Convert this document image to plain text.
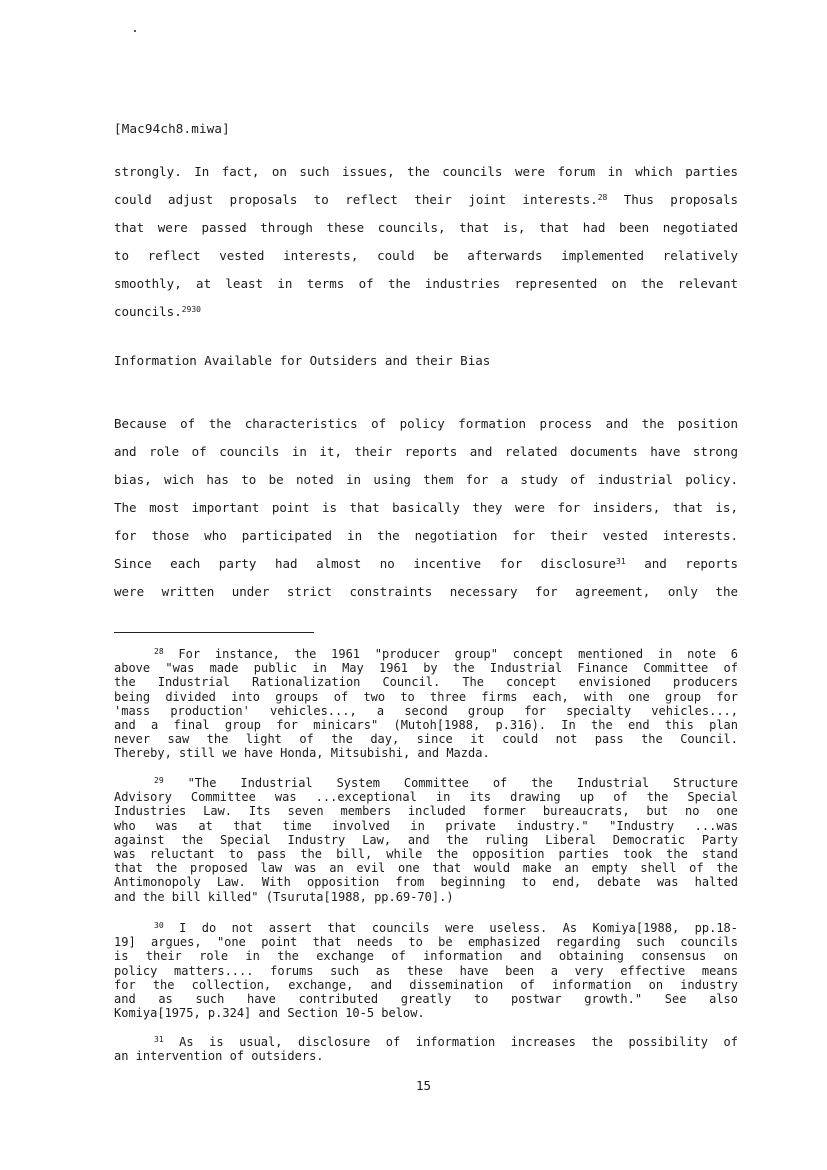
[Mac94ch8.miwa]
strongly. In fact, on such issues, the councils were forum in which parties
could adjust proposals to reflect their joint interests.$^{28}$ Thus proposals
that were passed through these councils, that is, that had been negotiated
to reflect vested interests, could be afterwards implemented relatively
smoothly, at least in terms of the industries represented on the relevant
councils.$^{2930}$
Information Available for Outsiders and their Bias
Because of the characteristics of policy formation process and the position
and role of councils in it, their reports and related documents have strong
bias, wich has to be noted in using them for a study of industrial policy.
The most important point is that basically they were for insiders, that is,
for those who participated in the negotiation for their vested interests.
Since each party had almost no incentive for disclosure$^{31}$ and reports
were written under strict constraints necessary for agreement, only the
$^{28}$ For instance, the 1961 "producer group" concept mentioned in note 6
above "was made public in May 1961 by the Industrial Finance Committee of
the Industrial Rationalization Council. The concept envisioned producers
being divided into groups of two to three firms each, with one group for
'mass production' vehicles..., a second group for specialty vehicles...,
and a final group for minicars" (Mutoh[1988, p.316). In the end this plan
never saw the light of the day, since it could not pass the Council.
Thereby, still we have Honda, Mitsubishi, and Mazda.
$^{29}$ "The Industrial System Committee of the Industrial Structure
Advisory Committee was ...exceptional in its drawing up of the Special
Industries Law. Its seven members included former bureaucrats, but no one
who was at that time involved in private industry." "Industry ...was
against the Special Industry Law, and the ruling Liberal Democratic Party
was reluctant to pass the bill, while the opposition parties took the stand
that the proposed law was an evil one that would make an empty shell of the
Antimonopoly Law. With opposition from beginning to end, debate was halted
and the bill killed" (Tsuruta[1988, pp.69-70].)
$^{30}$ I do not assert that councils were useless. As Komiya[1988, pp.18-
19] argues, "one point that needs to be emphasized regarding such councils
is their role in the exchange of information and obtaining consensus on
policy matters.... forums such as these have been a very effective means
for the collection, exchange, and dissemination of information on industry
and as such have contributed greatly to postwar growth." See also
Komiya[1975, p.324] and Section 10-5 below.
$^{31}$ As is usual, disclosure of information increases the possibility of
an intervention of outsiders.
15
